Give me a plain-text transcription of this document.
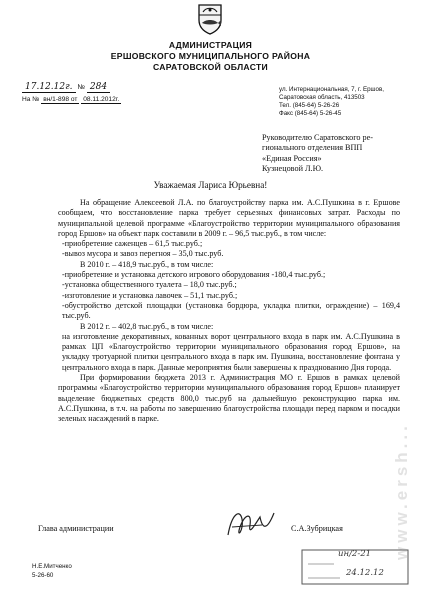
АДМИНИСТРАЦИЯ
ЕРШОВСКОГО МУНИЦИПАЛЬНОГО РАЙОНА
САРАТОВСКОЙ ОБЛАСТИ
17.12.12г. № 284
На № вн/1-898 от 08.11.2012г.
ул. Интернациональная, 7, г. Ершов,
Саратовская область, 413503
Тел. (845-64) 5-26-26
Факс (845-64) 5-26-45
Руководителю Саратовского ре-
гионального отделения ВПП
«Единая Россия»
Кузнецовой Л.Ю.
Уважаемая Лариса Юрьевна!

На обращение Алексеевой Л.А. по благоустройству парка им. А.С.Пушкина в г. Ершове сообщаем, что восстановление парка требует серьезных финансовых затрат. Расходы по муниципальной целевой программе «Благоустройство территории муниципального образования город Ершов» на объект парк составили в 2009 г. – 96,5 тыс.руб., в том числе:

-приобретение саженцев – 61,5 тыс.руб.;

-вывоз мусора и завоз перегноя – 35,0 тыс.руб.

В 2010 г. – 418,9 тыс.руб., в том числе:

-приобретение и установка детского игрового оборудования -180,4 тыс.руб.;

-установка общественного туалета – 18,0 тыс.руб.;

-изготовление и установка лавочек – 51,1 тыс.руб.;

-обустройство детской площадки (установка бордюра, укладка плитки, ограждение) – 169,4 тыс.руб.

В 2012 г. – 402,8 тыс.руб., в том числе:

на изготовление декоративных, кованных ворот центрального входа в парк им. А.С.Пушкина в рамках ЦП «Благоустройство территории муниципального образования город Ершов», на укладку тротуарной плитки центрального входа в парк им. Пушкина, восстановление фонтана у центрального входа в парк. Данные мероприятия были завершены к празднованию Дня города.

При формировании бюджета 2013 г. Администрация МО г. Ершов в рамках целевой программы «Благоустройство территории муниципального образования город Ершов» планирует выделение бюджетных средств 800,0 тыс.руб на дальнейшую реконструкцию парка им. А.С.Пушкина, в т.ч. на работы по завершению благоустройства площади перед парком и посадки зеленых насаждений в парке.

Глава администрации	С.А.Зубрицкая
Н.Е.Митченко
5-26-60
ин/2-21
24.12.12
www.ersh...
